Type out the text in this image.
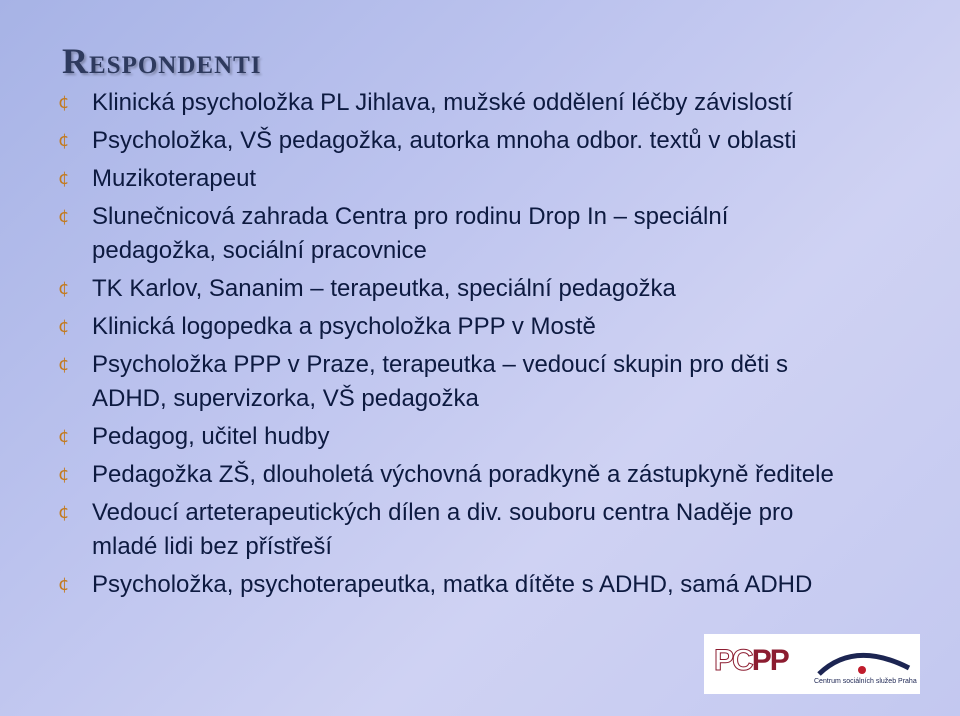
Respondenti
¢ Klinická psycholožka PL Jihlava, mužské oddělení léčby závislostí
¢ Psycholožka, VŠ pedagožka, autorka mnoha odbor. textů v oblasti
¢ Muzikoterapeut
¢ Slunečnicová zahrada Centra pro rodinu Drop In – speciální pedagožka, sociální pracovnice
¢ TK Karlov, Sananim – terapeutka, speciální pedagožka
¢ Klinická logopedka a psycholožka PPP v Mostě
¢ Psycholožka PPP v Praze, terapeutka – vedoucí skupin pro děti s ADHD, supervizorka, VŠ pedagožka
¢ Pedagog, učitel hudby
¢ Pedagožka ZŠ, dlouholetá výchovná poradkyně a zástupkyně ředitele
¢ Vedoucí arteterapeutických dílen a div. souboru centra Naděje pro mladé lidi bez přístřeší
¢ Psycholožka, psychoterapeutka, matka dítěte s ADHD, samá ADHD
PCPP
Centrum sociálních služeb Praha
